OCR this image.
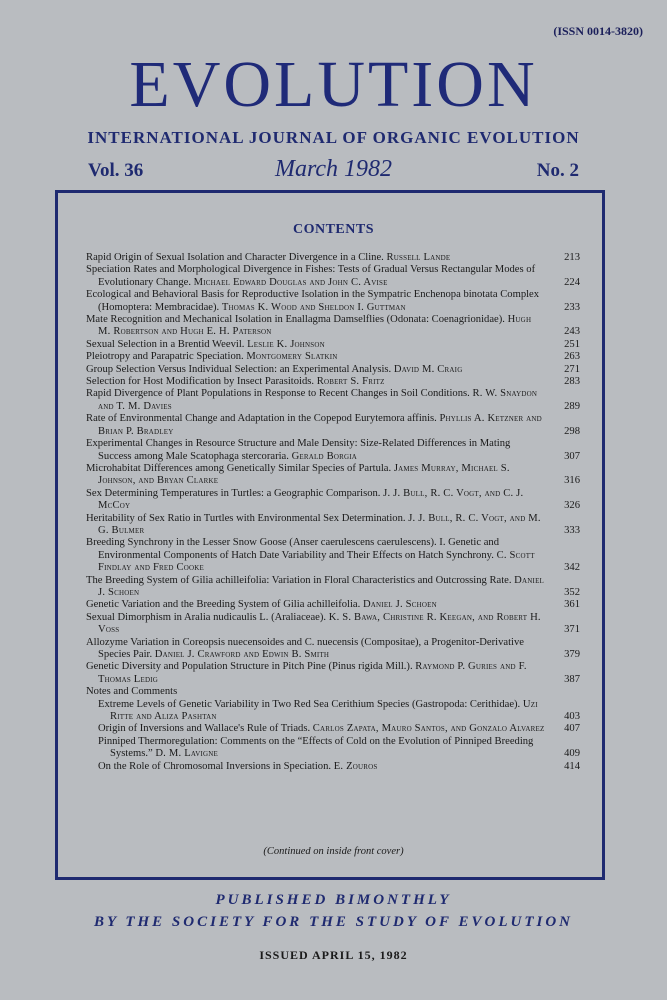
(ISSN 0014-3820)
EVOLUTION
INTERNATIONAL JOURNAL OF ORGANIC EVOLUTION
Vol. 36	March 1982	No. 2
CONTENTS
Rapid Origin of Sexual Isolation and Character Divergence in a Cline. Russell Lande	213
Speciation Rates and Morphological Divergence in Fishes: Tests of Gradual Versus Rectangular Modes of Evolutionary Change. Michael Edward Douglas and John C. Avise	224
Ecological and Behavioral Basis for Reproductive Isolation in the Sympatric Enchenopa binotata Complex (Homoptera: Membracidae). Thomas K. Wood and Sheldon I. Guttman	233
Mate Recognition and Mechanical Isolation in Enallagma Damselflies (Odonata: Coenagrionidae). Hugh M. Robertson and Hugh E. H. Paterson	243
Sexual Selection in a Brentid Weevil. Leslie K. Johnson	251
Pleiotropy and Parapatric Speciation. Montgomery Slatkin	263
Group Selection Versus Individual Selection: an Experimental Analysis. David M. Craig	271
Selection for Host Modification by Insect Parasitoids. Robert S. Fritz	283
Rapid Divergence of Plant Populations in Response to Recent Changes in Soil Conditions. R. W. Snaydon and T. M. Davies	289
Rate of Environmental Change and Adaptation in the Copepod Eurytemora affinis. Phyllis A. Ketzner and Brian P. Bradley	298
Experimental Changes in Resource Structure and Male Density: Size-Related Differences in Mating Success among Male Scatophaga stercoraria. Gerald Borgia	307
Microhabitat Differences among Genetically Similar Species of Partula. James Murray, Michael S. Johnson, and Bryan Clarke	316
Sex Determining Temperatures in Turtles: a Geographic Comparison. J. J. Bull, R. C. Vogt, and C. J. McCoy	326
Heritability of Sex Ratio in Turtles with Environmental Sex Determination. J. J. Bull, R. C. Vogt, and M. G. Bulmer	333
Breeding Synchrony in the Lesser Snow Goose (Anser caerulescens caerulescens). I. Genetic and Environmental Components of Hatch Date Variability and Their Effects on Hatch Synchrony. C. Scott Findlay and Fred Cooke	342
The Breeding System of Gilia achilleifolia: Variation in Floral Characteristics and Outcrossing Rate. Daniel J. Schoen	352
Genetic Variation and the Breeding System of Gilia achilleifolia. Daniel J. Schoen	361
Sexual Dimorphism in Aralia nudicaulis L. (Araliaceae). K. S. Bawa, Christine R. Keegan, and Robert H. Voss	371
Allozyme Variation in Coreopsis nuecensoides and C. nuecensis (Compositae), a Progenitor-Derivative Species Pair. Daniel J. Crawford and Edwin B. Smith	379
Genetic Diversity and Population Structure in Pitch Pine (Pinus rigida Mill.). Raymond P. Guries and F. Thomas Ledig	387
Notes and Comments
Extreme Levels of Genetic Variability in Two Red Sea Cerithium Species (Gastropoda: Cerithidae). Uzi Ritte and Aliza Pashtan	403
Origin of Inversions and Wallace's Rule of Triads. Carlos Zapata, Mauro Santos, and Gonzalo Alvarez 407
Pinniped Thermoregulation: Comments on the “Effects of Cold on the Evolution of Pinniped Breeding Systems.” D. M. Lavigne	409
On the Role of Chromosomal Inversions in Speciation. E. Zouros	414
(Continued on inside front cover)
PUBLISHED BIMONTHLY
BY THE SOCIETY FOR THE STUDY OF EVOLUTION
ISSUED APRIL 15, 1982
